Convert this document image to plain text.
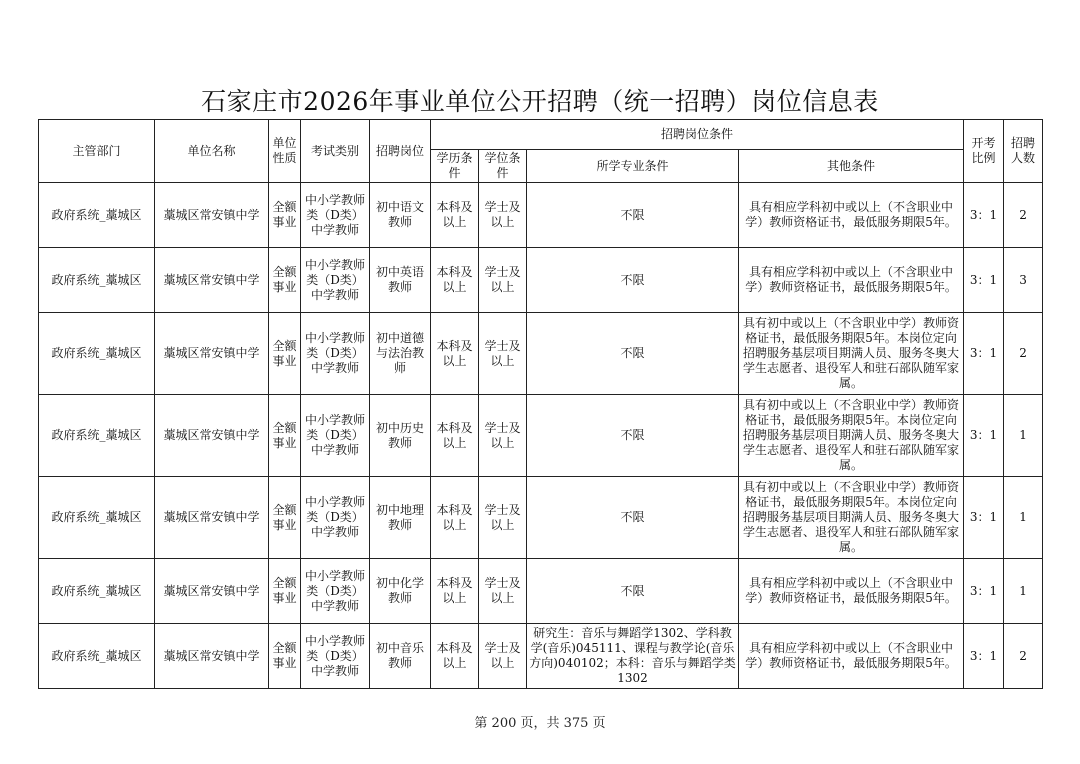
石家庄市2026年事业单位公开招聘（统一招聘）岗位信息表
主管部门	单位名称	单位性质	考试类别	招聘岗位	招聘岗位条件				开考比例	招聘人数
					学历条件	学位条件	所学专业条件	其他条件		
政府系统_藁城区	藁城区常安镇中学	全额事业	中小学教师类（D类）中学教师	初中语文教师	本科及以上	学士及以上	不限	具有相应学科初中或以上（不含职业中学）教师资格证书，最低服务期限5年。	3：1	2
政府系统_藁城区	藁城区常安镇中学	全额事业	中小学教师类（D类）中学教师	初中英语教师	本科及以上	学士及以上	不限	具有相应学科初中或以上（不含职业中学）教师资格证书，最低服务期限5年。	3：1	3
政府系统_藁城区	藁城区常安镇中学	全额事业	中小学教师类（D类）中学教师	初中道德与法治教师	本科及以上	学士及以上	不限	具有初中或以上（不含职业中学）教师资格证书，最低服务期限5年。本岗位定向招聘服务基层项目期满人员、服务冬奥大学生志愿者、退役军人和驻石部队随军家属。	3：1	2
政府系统_藁城区	藁城区常安镇中学	全额事业	中小学教师类（D类）中学教师	初中历史教师	本科及以上	学士及以上	不限	具有初中或以上（不含职业中学）教师资格证书，最低服务期限5年。本岗位定向招聘服务基层项目期满人员、服务冬奥大学生志愿者、退役军人和驻石部队随军家属。	3：1	1
政府系统_藁城区	藁城区常安镇中学	全额事业	中小学教师类（D类）中学教师	初中地理教师	本科及以上	学士及以上	不限	具有初中或以上（不含职业中学）教师资格证书，最低服务期限5年。本岗位定向招聘服务基层项目期满人员、服务冬奥大学生志愿者、退役军人和驻石部队随军家属。	3：1	1
政府系统_藁城区	藁城区常安镇中学	全额事业	中小学教师类（D类）中学教师	初中化学教师	本科及以上	学士及以上	不限	具有相应学科初中或以上（不含职业中学）教师资格证书，最低服务期限5年。	3：1	1
政府系统_藁城区	藁城区常安镇中学	全额事业	中小学教师类（D类）中学教师	初中音乐教师	本科及以上	学士及以上	研究生：音乐与舞蹈学1302、学科教学(音乐)045111、课程与教学论(音乐方向)040102；本科：音乐与舞蹈学类1302	具有相应学科初中或以上（不含职业中学）教师资格证书，最低服务期限5年。	3：1	2
第 200 页，共 375 页
